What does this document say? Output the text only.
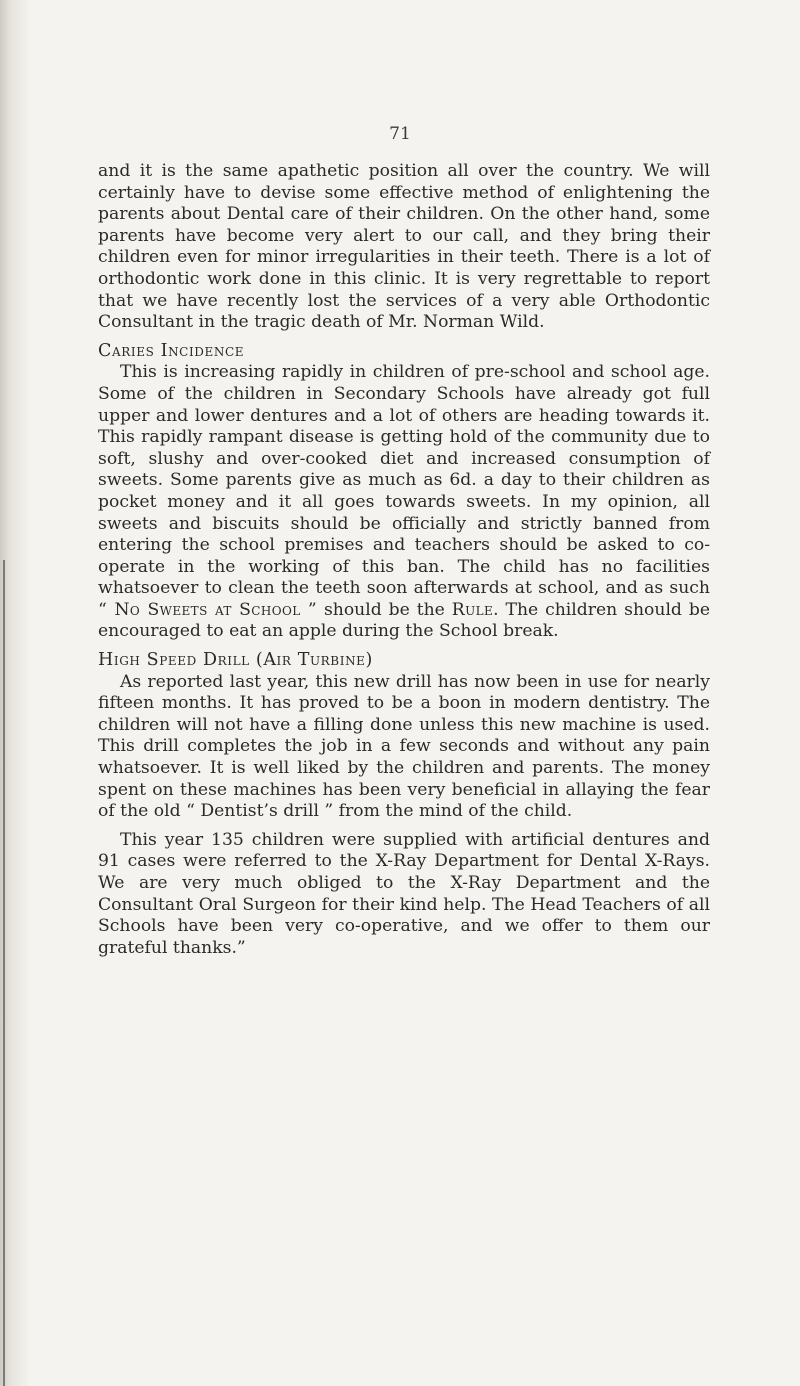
71

and it is the same apathetic position all over the country. We will certainly have to devise some effective method of enlightening the parents about Dental care of their children. On the other hand, some parents have become very alert to our call, and they bring their children even for minor irregularities in their teeth. There is a lot of orthodontic work done in this clinic. It is very regrettable to report that we have recently lost the services of a very able Orthodontic Consultant in the tragic death of Mr. Norman Wild.

Caries Incidence

This is increasing rapidly in children of pre-school and school age. Some of the children in Secondary Schools have already got full upper and lower dentures and a lot of others are heading towards it. This rapidly rampant disease is getting hold of the community due to soft, slushy and over-cooked diet and increased consumption of sweets. Some parents give as much as 6d. a day to their children as pocket money and it all goes towards sweets. In my opinion, all sweets and biscuits should be officially and strictly banned from entering the school premises and teachers should be asked to co-operate in the working of this ban. The child has no facilities whatsoever to clean the teeth soon afterwards at school, and as such “ No Sweets at School ” should be the Rule. The children should be encouraged to eat an apple during the School break.

High Speed Drill (Air Turbine)

As reported last year, this new drill has now been in use for nearly fifteen months. It has proved to be a boon in modern dentistry. The children will not have a filling done unless this new machine is used. This drill completes the job in a few seconds and without any pain whatsoever. It is well liked by the children and parents. The money spent on these machines has been very beneficial in allaying the fear of the old “ Dentist’s drill ” from the mind of the child.

This year 135 children were supplied with artificial dentures and 91 cases were referred to the X-Ray Department for Dental X-Rays. We are very much obliged to the X-Ray Department and the Consultant Oral Surgeon for their kind help. The Head Teachers of all Schools have been very co-operative, and we offer to them our grateful thanks.”
